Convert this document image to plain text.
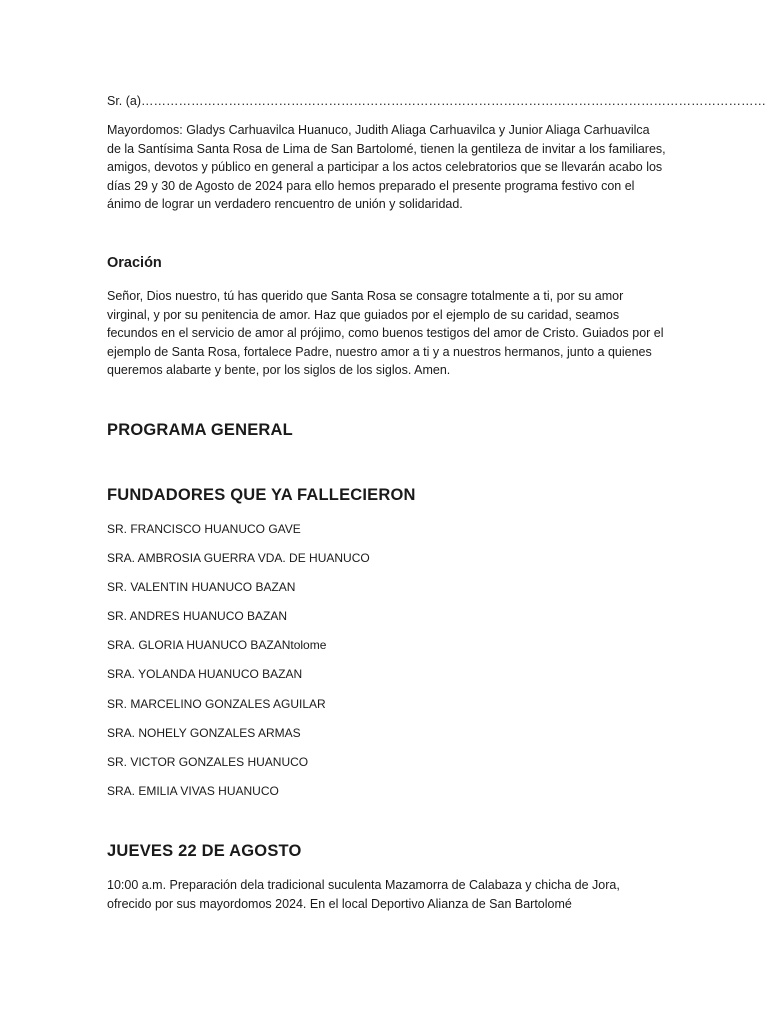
Sr. (a)……………………………………………………………………………………………………………………………………

Mayordomos: Gladys Carhuavilca Huanuco, Judith Aliaga Carhuavilca y Junior Aliaga Carhuavilca de la Santísima Santa Rosa de Lima de San Bartolomé, tienen la gentileza de invitar a los familiares, amigos, devotos y público en general a participar a los actos celebratorios que se llevarán acabo los días 29 y 30 de Agosto de 2024 para ello hemos preparado el presente programa festivo con el ánimo de lograr un verdadero rencuentro de unión y solidaridad.

Oración

Señor, Dios nuestro, tú has querido que Santa Rosa se consagre totalmente a ti, por su amor virginal, y por su penitencia de amor. Haz que guiados por el ejemplo de su caridad, seamos fecundos en el servicio de amor al prójimo, como buenos testigos del amor de Cristo. Guiados por el ejemplo de Santa Rosa, fortalece Padre, nuestro amor a ti y a nuestros hermanos, junto a quienes queremos alabarte y bente, por los siglos de los siglos. Amen.

PROGRAMA GENERAL
FUNDADORES QUE YA FALLECIERON
SR. FRANCISCO HUANUCO GAVE
SRA. AMBROSIA GUERRA VDA. DE HUANUCO
SR. VALENTIN HUANUCO BAZAN
SR. ANDRES HUANUCO BAZAN
SRA. GLORIA HUANUCO BAZANtolome
SRA. YOLANDA HUANUCO BAZAN
SR. MARCELINO GONZALES AGUILAR
SRA. NOHELY GONZALES ARMAS
SR. VICTOR GONZALES HUANUCO
SRA. EMILIA VIVAS HUANUCO
JUEVES 22 DE AGOSTO

10:00 a.m. Preparación dela tradicional suculenta Mazamorra de Calabaza y chicha de Jora, ofrecido por sus mayordomos 2024. En el local Deportivo Alianza de San Bartolomé
